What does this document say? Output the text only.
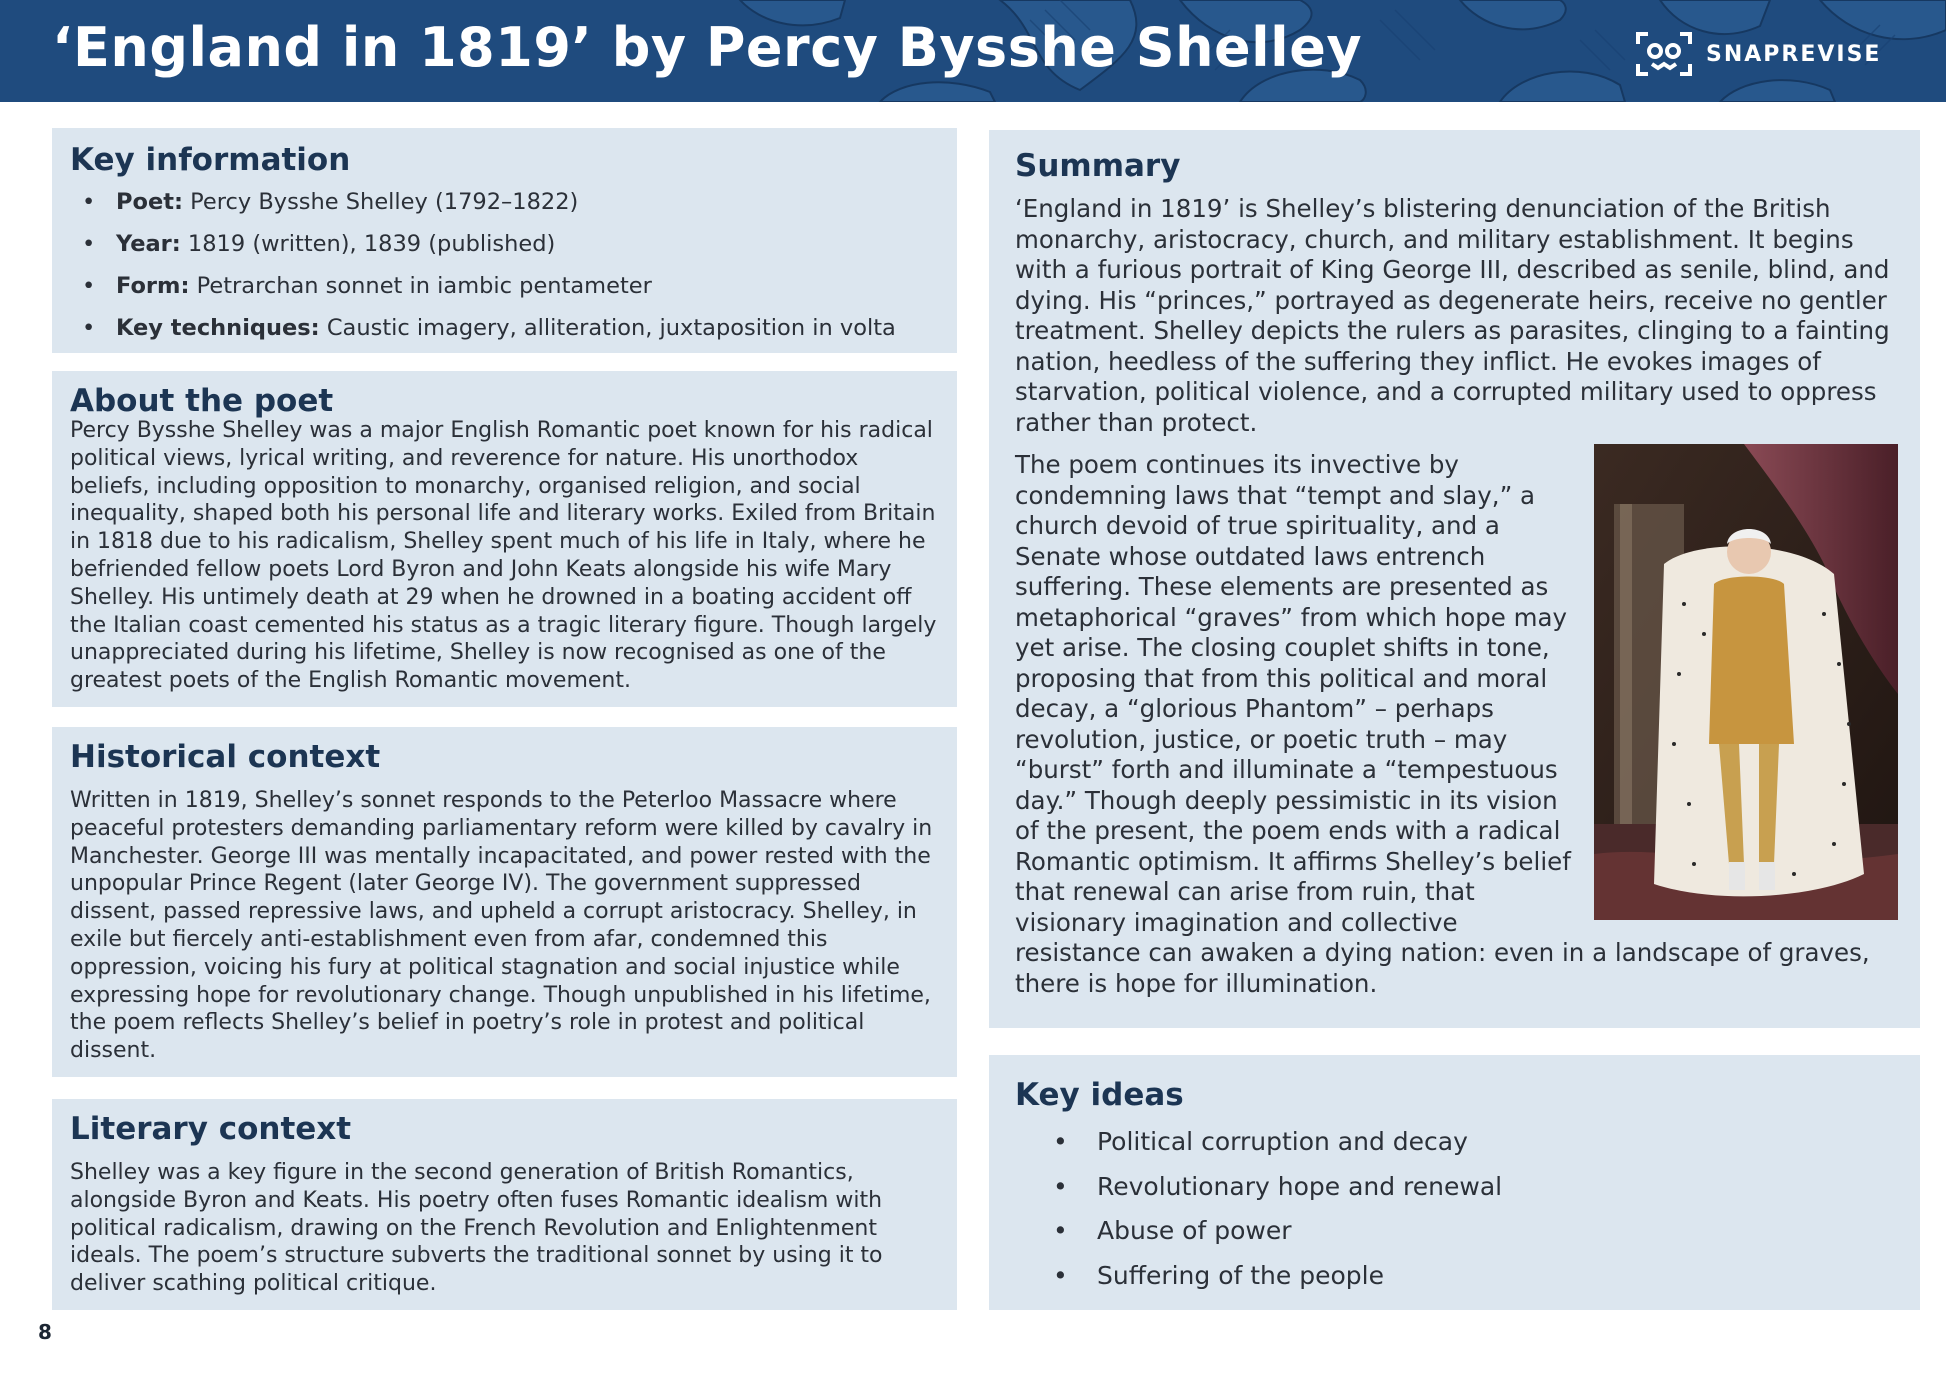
‘England in 1819’ by Percy Bysshe Shelley	SNAPREVISE
Key information
• Poet: Percy Bysshe Shelley (1792–1822)
• Year: 1819 (written), 1839 (published)
• Form: Petrarchan sonnet in iambic pentameter
• Key techniques: Caustic imagery, alliteration, juxtaposition in volta
About the poet

Percy Bysshe Shelley was a major English Romantic poet known for his radical political views, lyrical writing, and reverence for nature. His unorthodox beliefs, including opposition to monarchy, organised religion, and social inequality, shaped both his personal life and literary works. Exiled from Britain in 1818 due to his radicalism, Shelley spent much of his life in Italy, where he befriended fellow poets Lord Byron and John Keats alongside his wife Mary Shelley. His untimely death at 29 when he drowned in a boating accident off the Italian coast cemented his status as a tragic literary figure. Though largely unappreciated during his lifetime, Shelley is now recognised as one of the greatest poets of the English Romantic movement.

Historical context

Written in 1819, Shelley’s sonnet responds to the Peterloo Massacre where peaceful protesters demanding parliamentary reform were killed by cavalry in Manchester. George III was mentally incapacitated, and power rested with the unpopular Prince Regent (later George IV). The government suppressed dissent, passed repressive laws, and upheld a corrupt aristocracy. Shelley, in exile but fiercely anti-establishment even from afar, condemned this oppression, voicing his fury at political stagnation and social injustice while expressing hope for revolutionary change. Though unpublished in his lifetime, the poem reflects Shelley’s belief in poetry’s role in protest and political dissent.

Literary context

Shelley was a key figure in the second generation of British Romantics, alongside Byron and Keats. His poetry often fuses Romantic idealism with political radicalism, drawing on the French Revolution and Enlightenment ideals. The poem’s structure subverts the traditional sonnet by using it to deliver scathing political critique.

Summary

‘England in 1819’ is Shelley’s blistering denunciation of the British monarchy, aristocracy, church, and military establishment. It begins with a furious portrait of King George III, described as senile, blind, and dying. His “princes,” portrayed as degenerate heirs, receive no gentler treatment. Shelley depicts the rulers as parasites, clinging to a fainting nation, heedless of the suffering they inflict. He evokes images of starvation, political violence, and a corrupted military used to oppress rather than protect.

The poem continues its invective by condemning laws that “tempt and slay,” a church devoid of true spirituality, and a Senate whose outdated laws entrench suffering. These elements are presented as metaphorical “graves” from which hope may yet arise. The closing couplet shifts in tone, proposing that from this political and moral decay, a “glorious Phantom” – perhaps revolution, justice, or poetic truth – may “burst” forth and illuminate a “tempestuous day.” Though deeply pessimistic in its vision of the present, the poem ends with a radical Romantic optimism. It affirms Shelley’s belief that renewal can arise from ruin, that visionary imagination and collective resistance can awaken a dying nation: even in a landscape of graves, there is hope for illumination.

Key ideas
• Political corruption and decay
• Revolutionary hope and renewal
• Abuse of power
• Suffering of the people
8
